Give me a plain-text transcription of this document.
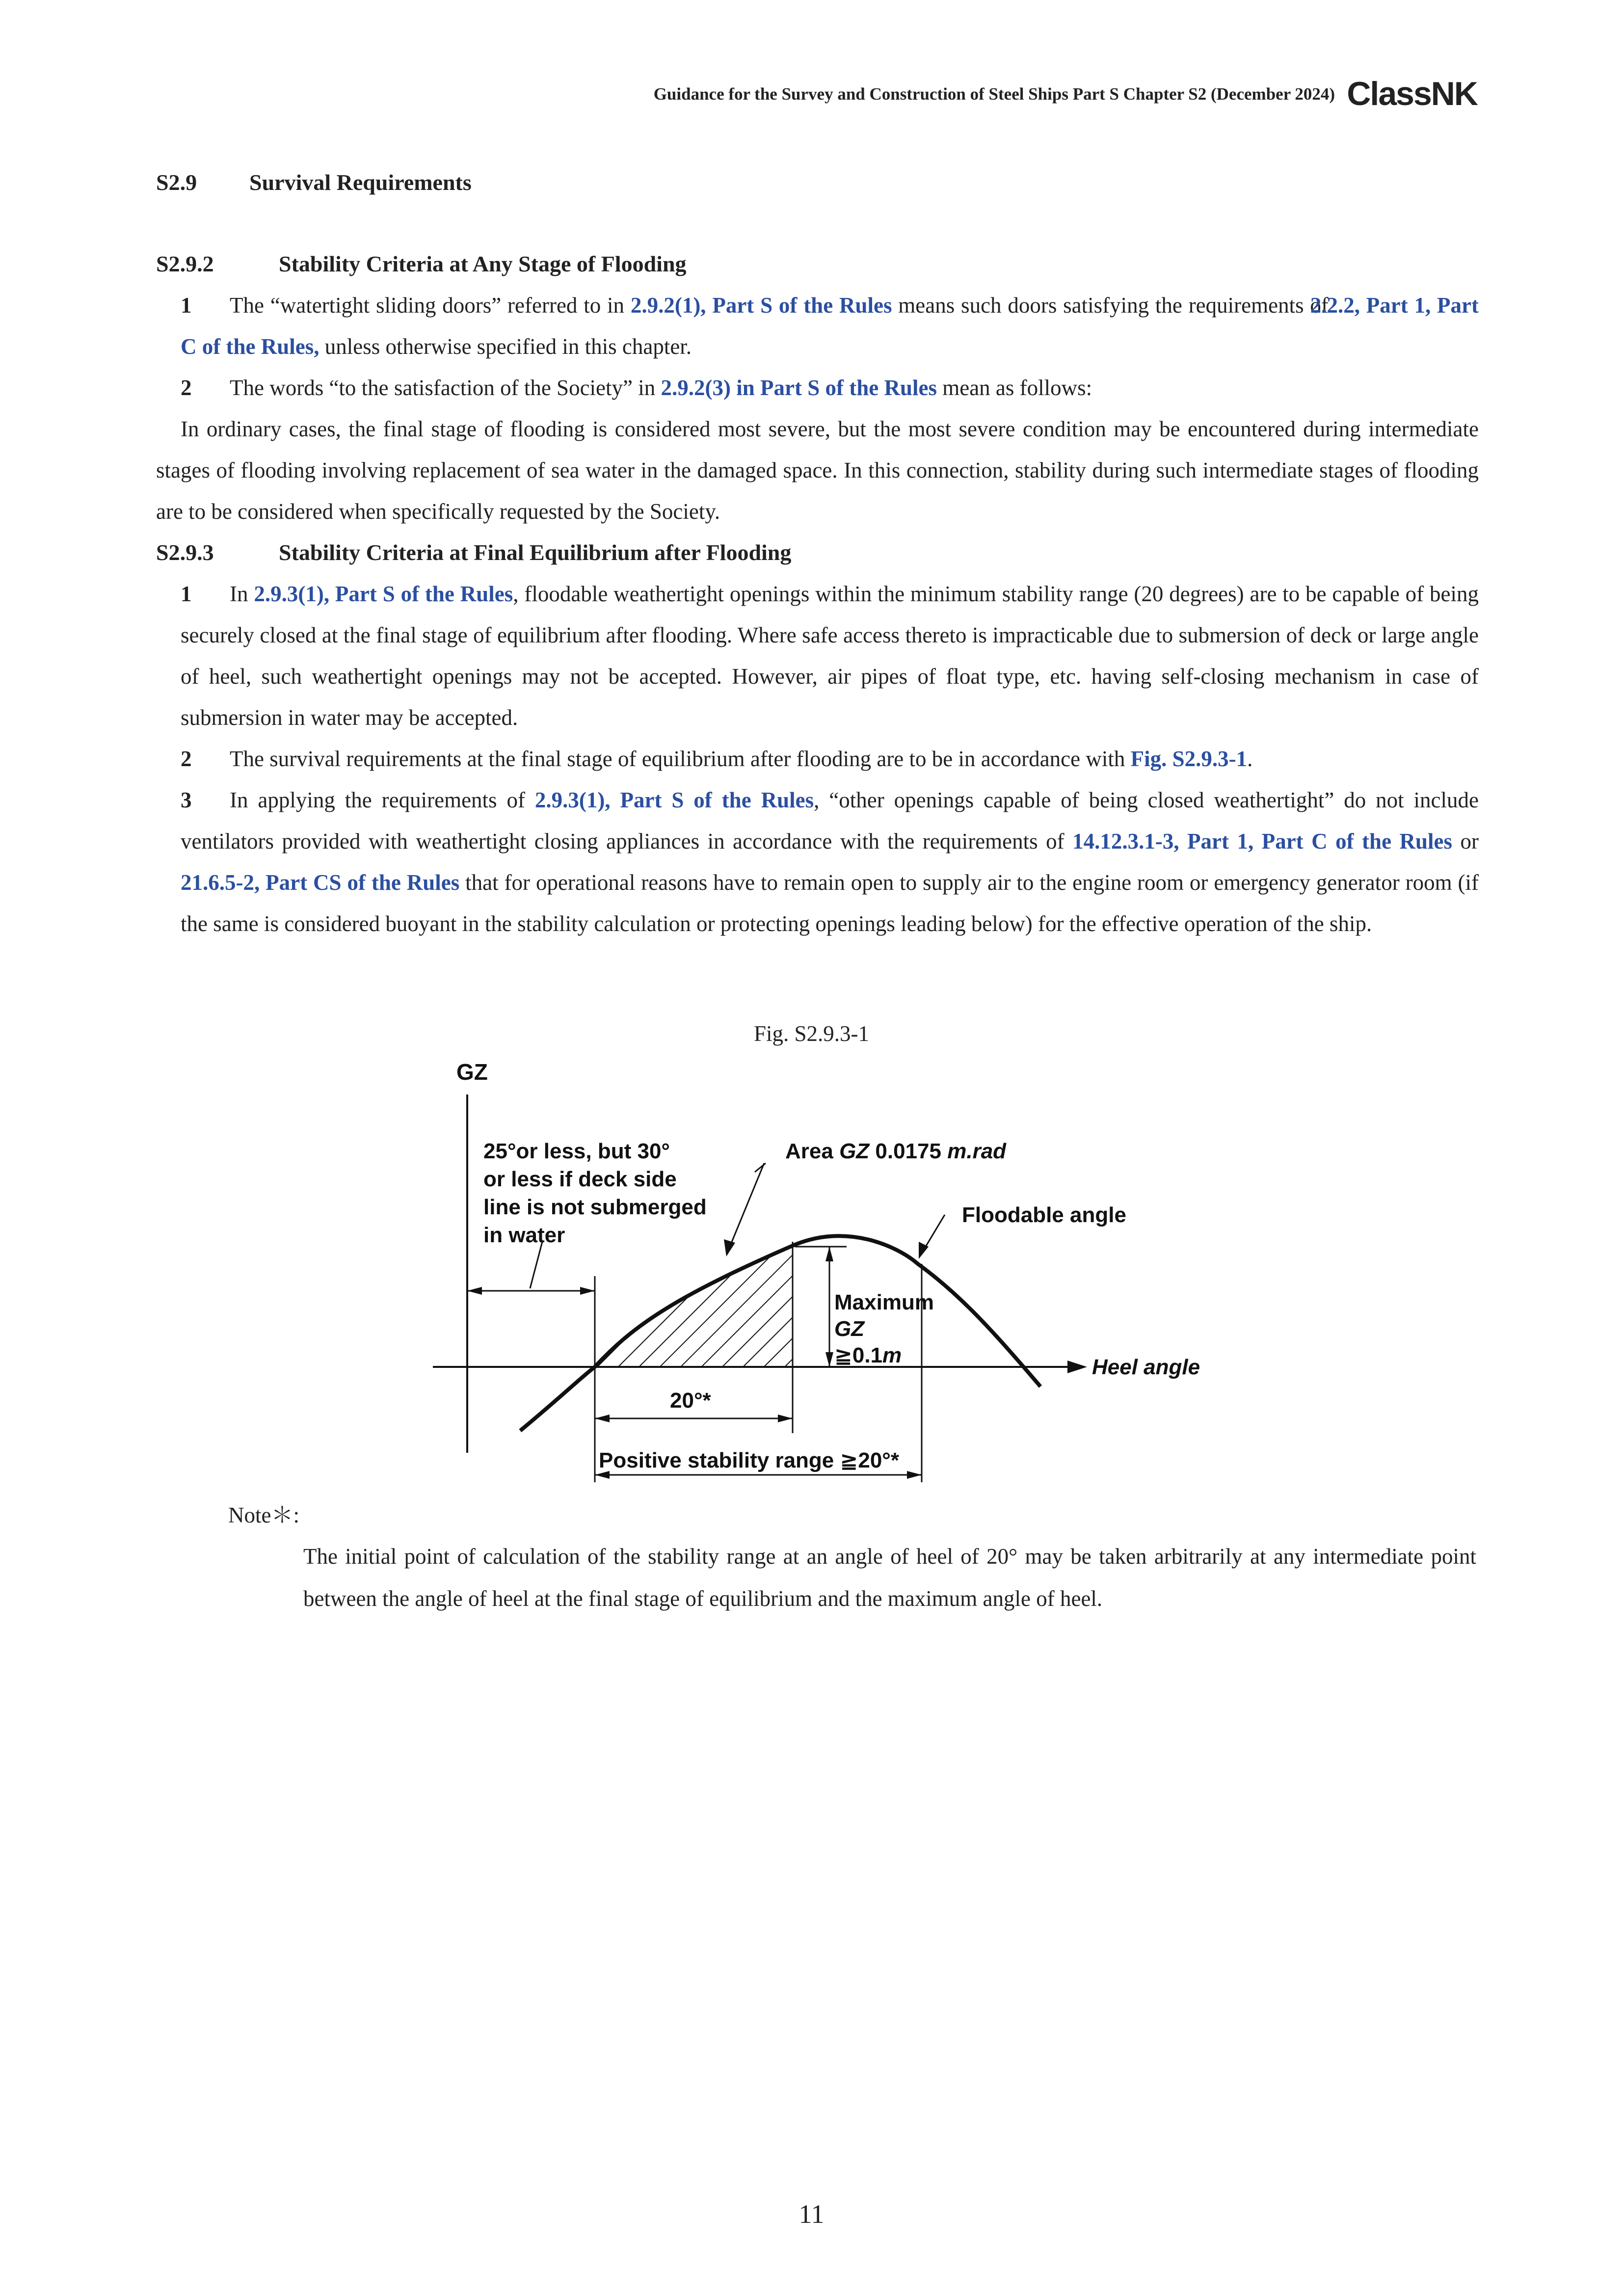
Guidance for the Survey and Construction of Steel Ships Part S Chapter S2 (December 2024) ClassNK
S2.9 Survival Requirements
S2.9.2	Stability Criteria at Any Stage of Flooding
1 The “watertight sliding doors” referred to in 2.9.2(1), Part S of the Rules means such doors satisfying the requirements of 2.2.2, Part 1, Part C of the Rules, unless otherwise specified in this chapter.
2 The words “to the satisfaction of the Society” in 2.9.2(3) in Part S of the Rules mean as follows:
In ordinary cases, the final stage of flooding is considered most severe, but the most severe condition may be encountered during intermediate stages of flooding involving replacement of sea water in the damaged space. In this connection, stability during such intermediate stages of flooding are to be considered when specifically requested by the Society.
S2.9.3	Stability Criteria at Final Equilibrium after Flooding
1 In 2.9.3(1), Part S of the Rules, floodable weathertight openings within the minimum stability range (20 degrees) are to be capable of being securely closed at the final stage of equilibrium after flooding. Where safe access thereto is impracticable due to submersion of deck or large angle of heel, such weathertight openings may not be accepted. However, air pipes of float type, etc. having self-closing mechanism in case of submersion in water may be accepted.
2 The survival requirements at the final stage of equilibrium after flooding are to be in accordance with Fig. S2.9.3-1.
3 In applying the requirements of 2.9.3(1), Part S of the Rules, “other openings capable of being closed weathertight” do not include ventilators provided with weathertight closing appliances in accordance with the requirements of 14.12.3.1-3, Part 1, Part C of the Rules or 21.6.5-2, Part CS of the Rules that for operational reasons have to remain open to supply air to the engine room or emergency generator room (if the same is considered buoyant in the stability calculation or protecting openings leading below) for the effective operation of the ship.
Fig. S2.9.3-1
GZ
Heel angle
25°or less, but 30°
or less if deck side
line is not submerged
in water
Area GZ 0.0175 m.rad
Floodable angle
Maximum
GZ
≧0.1m
20°*
Positive stability range ≧20°*
Note＊:
The initial point of calculation of the stability range at an angle of heel of 20° may be taken arbitrarily at any intermediate point between the angle of heel at the final stage of equilibrium and the maximum angle of heel.
11
